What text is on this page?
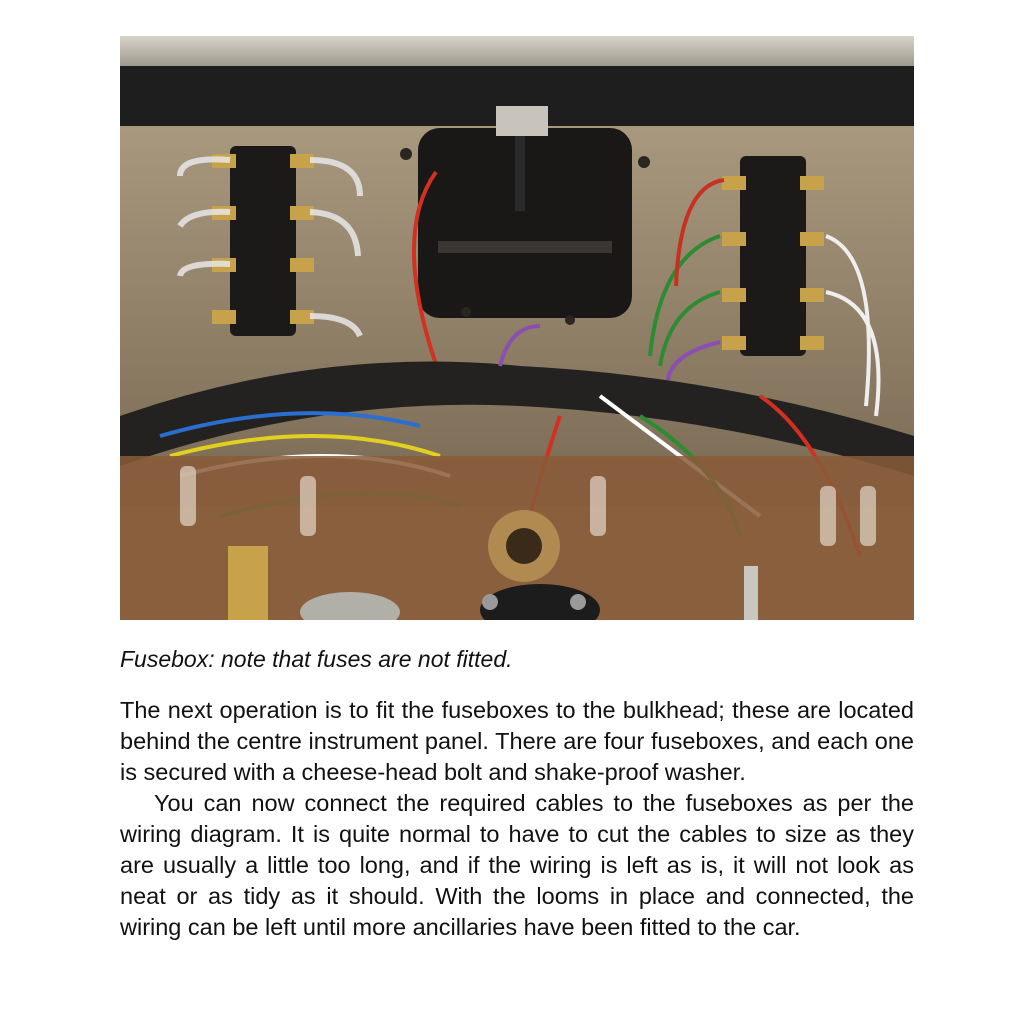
Fusebox: note that fuses are not fitted.

The next operation is to fit the fuseboxes to the bulkhead; these are located behind the centre instrument panel. There are four fuseboxes, and each one is secured with a cheese-head bolt and shake-proof washer.

You can now connect the required cables to the fuseboxes as per the wiring diagram. It is quite normal to have to cut the cables to size as they are usually a little too long, and if the wiring is left as is, it will not look as neat or as tidy as it should. With the looms in place and connected, the wiring can be left until more ancillaries have been fitted to the car.
